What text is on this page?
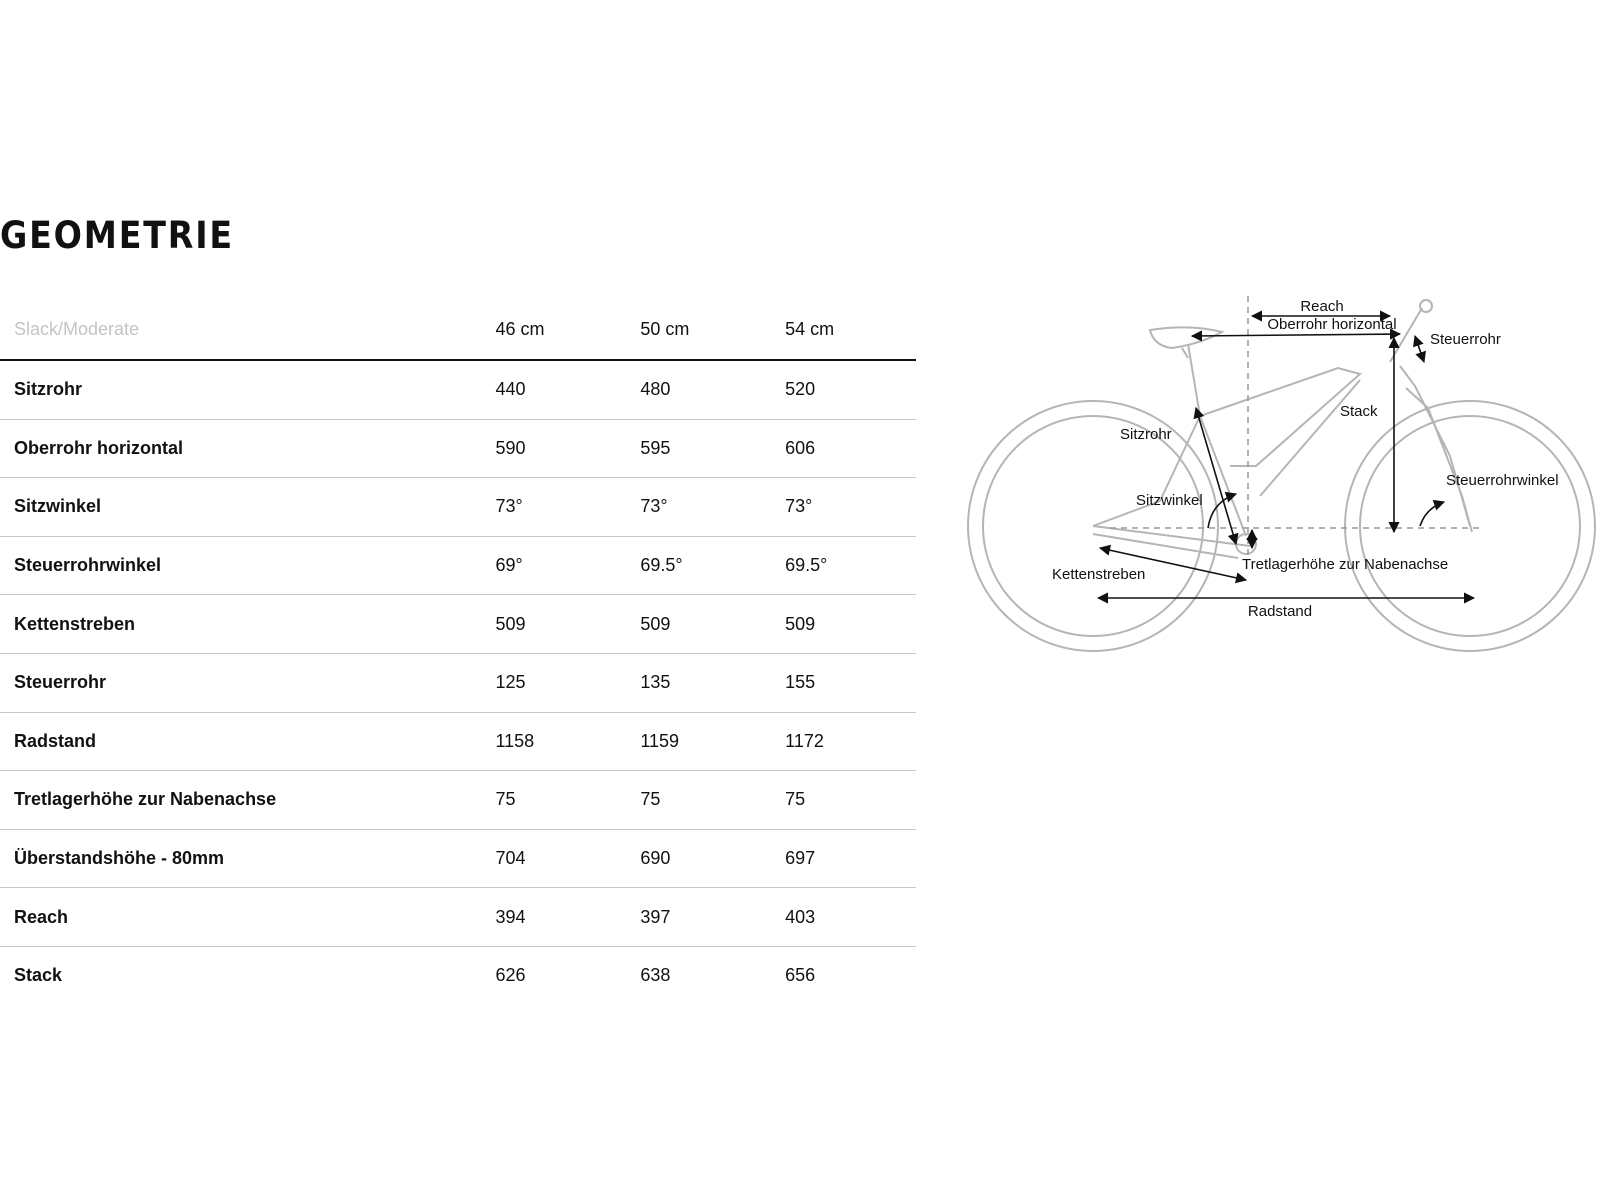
GEOMETRIE
Slack/Moderate	46 cm	50 cm	54 cm
Sitzrohr	440	480	520
Oberrohr horizontal	590	595	606
Sitzwinkel	73°	73°	73°
Steuerrohrwinkel	69°	69.5°	69.5°
Kettenstreben	509	509	509
Steuerrohr	125	135	155
Radstand	1158	1159	1172
Tretlagerhöhe zur Nabenachse	75	75	75
Überstandshöhe - 80mm	704	690	697
Reach	394	397	403
Stack	626	638	656
Reach
Oberrohr horizontal
Steuerrohr
Stack
Sitzrohr
Sitzwinkel
Steuerrohrwinkel
Kettenstreben
Tretlagerhöhe zur Nabenachse
Radstand
